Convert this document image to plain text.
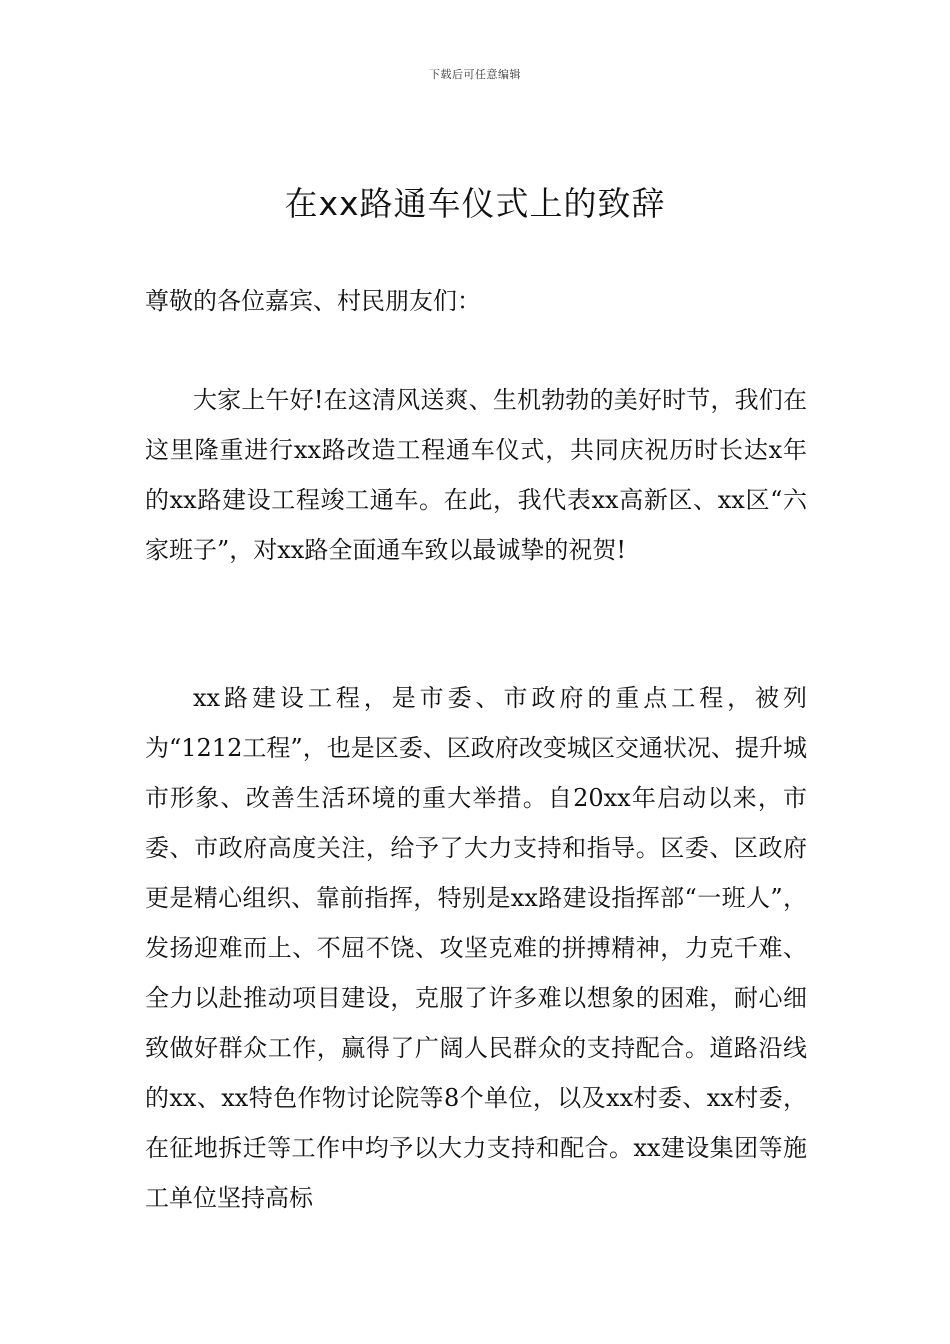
下载后可任意编辑
在xx路通车仪式上的致辞

尊敬的各位嘉宾、村民朋友们：

大家上午好!在这清风送爽、生机勃勃的美好时节，我们在这里隆重进行xx路改造工程通车仪式，共同庆祝历时长达x年的xx路建设工程竣工通车。在此，我代表xx高新区、xx区“六家班子”，对xx路全面通车致以最诚挚的祝贺!

xx路建设工程，是市委、市政府的重点工程，被列为“1212工程”，也是区委、区政府改变城区交通状况、提升城市形象、改善生活环境的重大举措。自20xx年启动以来，市委、市政府高度关注，给予了大力支持和指导。区委、区政府更是精心组织、靠前指挥，特别是xx路建设指挥部“一班人”，发扬迎难而上、不屈不饶、攻坚克难的拼搏精神，力克千难、全力以赴推动项目建设，克服了许多难以想象的困难，耐心细致做好群众工作，赢得了广阔人民群众的支持配合。道路沿线的xx、xx特色作物讨论院等8个单位，以及xx村委、xx村委，在征地拆迁等工作中均予以大力支持和配合。xx建设集团等施工单位坚持高标
